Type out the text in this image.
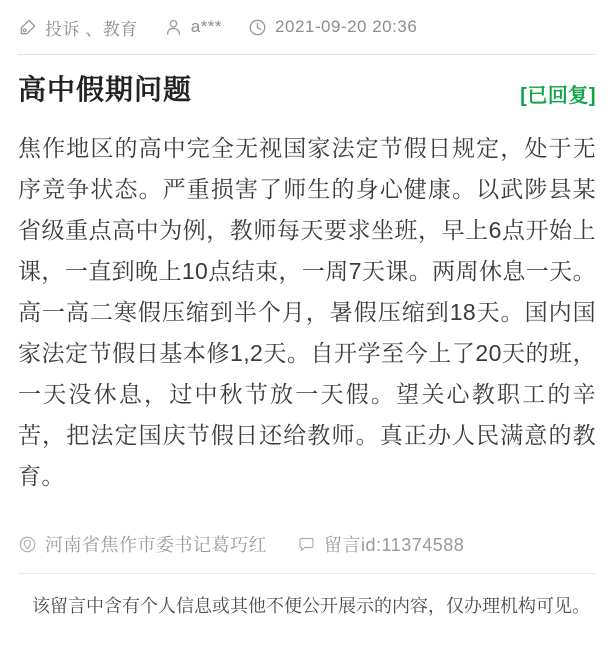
投诉 、教育	a***	2021-09-20 20:36
高中假期问题	[已回复]
焦作地区的高中完全无视国家法定节假日规定，处于无序竞争状态。严重损害了师生的身心健康。以武陟县某省级重点高中为例，教师每天要求坐班，早上6点开始上课，一直到晚上10点结束，一周7天课。两周休息一天。高一高二寒假压缩到半个月，暑假压缩到18天。国内国家法定节假日基本修1,2天。自开学至今上了20天的班，一天没休息，过中秋节放一天假。望关心教职工的辛苦，把法定国庆节假日还给教师。真正办人民满意的教育。
河南省焦作市委书记葛巧红	留言id:11374588
该留言中含有个人信息或其他不便公开展示的内容，仅办理机构可见。
